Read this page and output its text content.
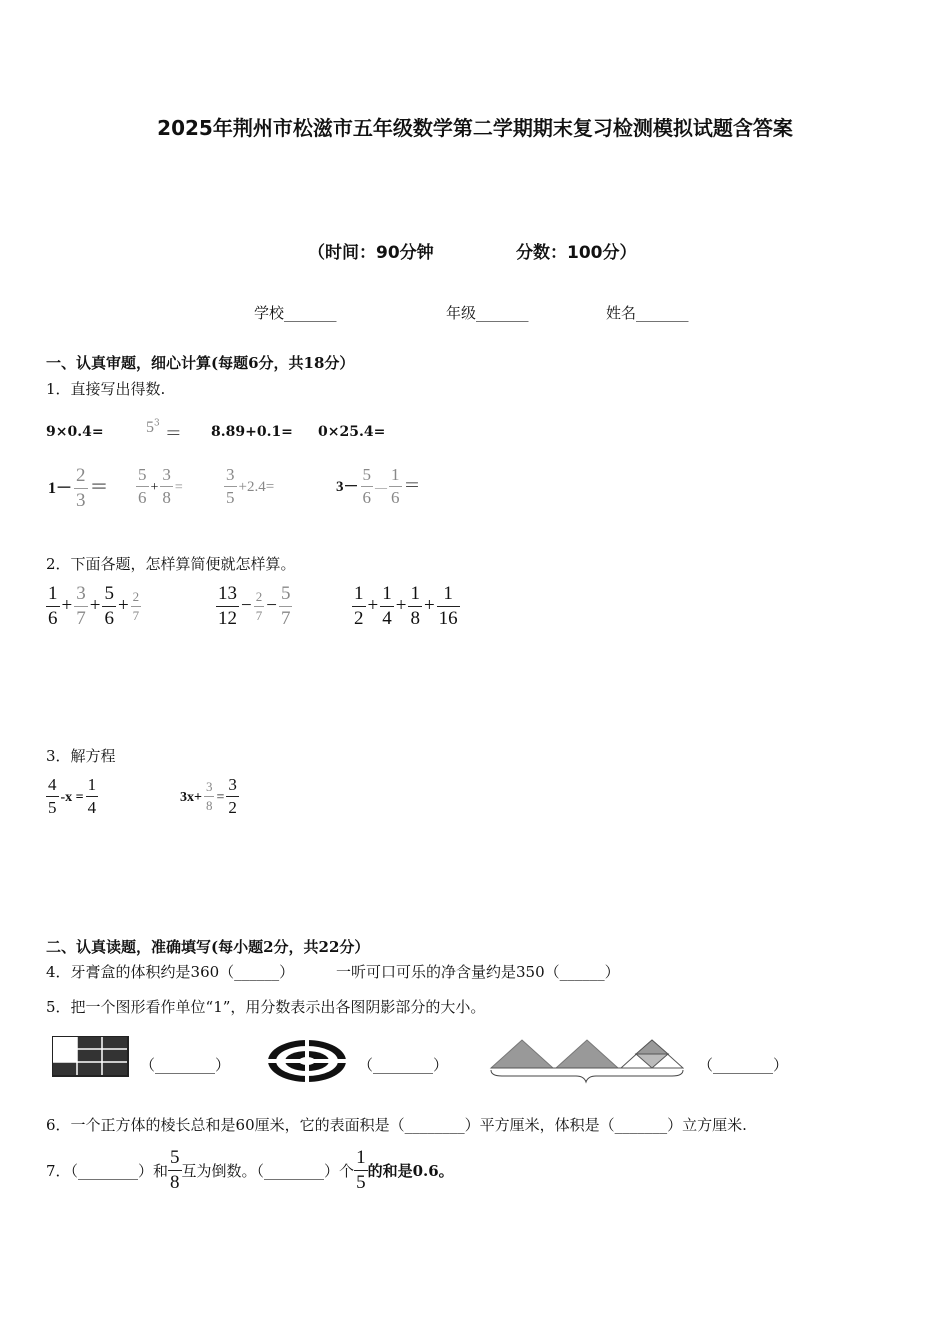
2025年荆州市松滋市五年级数学第二学期期末复习检测模拟试题含答案
（时间：90分钟	分数：100分）
学校_______	年级_______	姓名_______
一、认真审题，细心计算(每题6分，共18分）
1．直接写出得数.
9×0.4=	$5^3 = 8.89+0.1= 0\times 25.4=$
$1- \frac{2}{3} = \frac{5}{6} + \frac{3}{8} = \frac{3}{5} +2.4=$	$3- \frac{5}{6}$ — $\frac{1}{6}$ ＝
2．下面各题，怎样算简便就怎样算。
$\frac{1}{6} + \frac{3}{7} + \frac{5}{6} + \frac{2}{7}$	$\frac{13}{12} - \frac{2}{7} - \frac{5}{7}$	$\frac{1}{2} + \frac{1}{4} + \frac{1}{8} + \frac{1}{16}$
3．解方程
$\frac{4}{5} -x = \frac{1}{4}$	$3x+ \frac{3}{8} = \frac{3}{2}$
二、认真读题，准确填写(每小题2分，共22分）
4．牙膏盒的体积约是360（______）	一听可口可乐的净含量约是350（______）
5．把一个图形看作单位“1”，用分数表示出各图阴影部分的大小。
（________）	（________）	（________）
6．一个正方体的棱长总和是60厘米，它的表面积是（________）平方厘米，体积是（_______）立方厘米.
7．（________）和 $\frac{5}{8}$ 互为倒数。（________）个 $\frac{1}{5}$ 的和是0.6。
